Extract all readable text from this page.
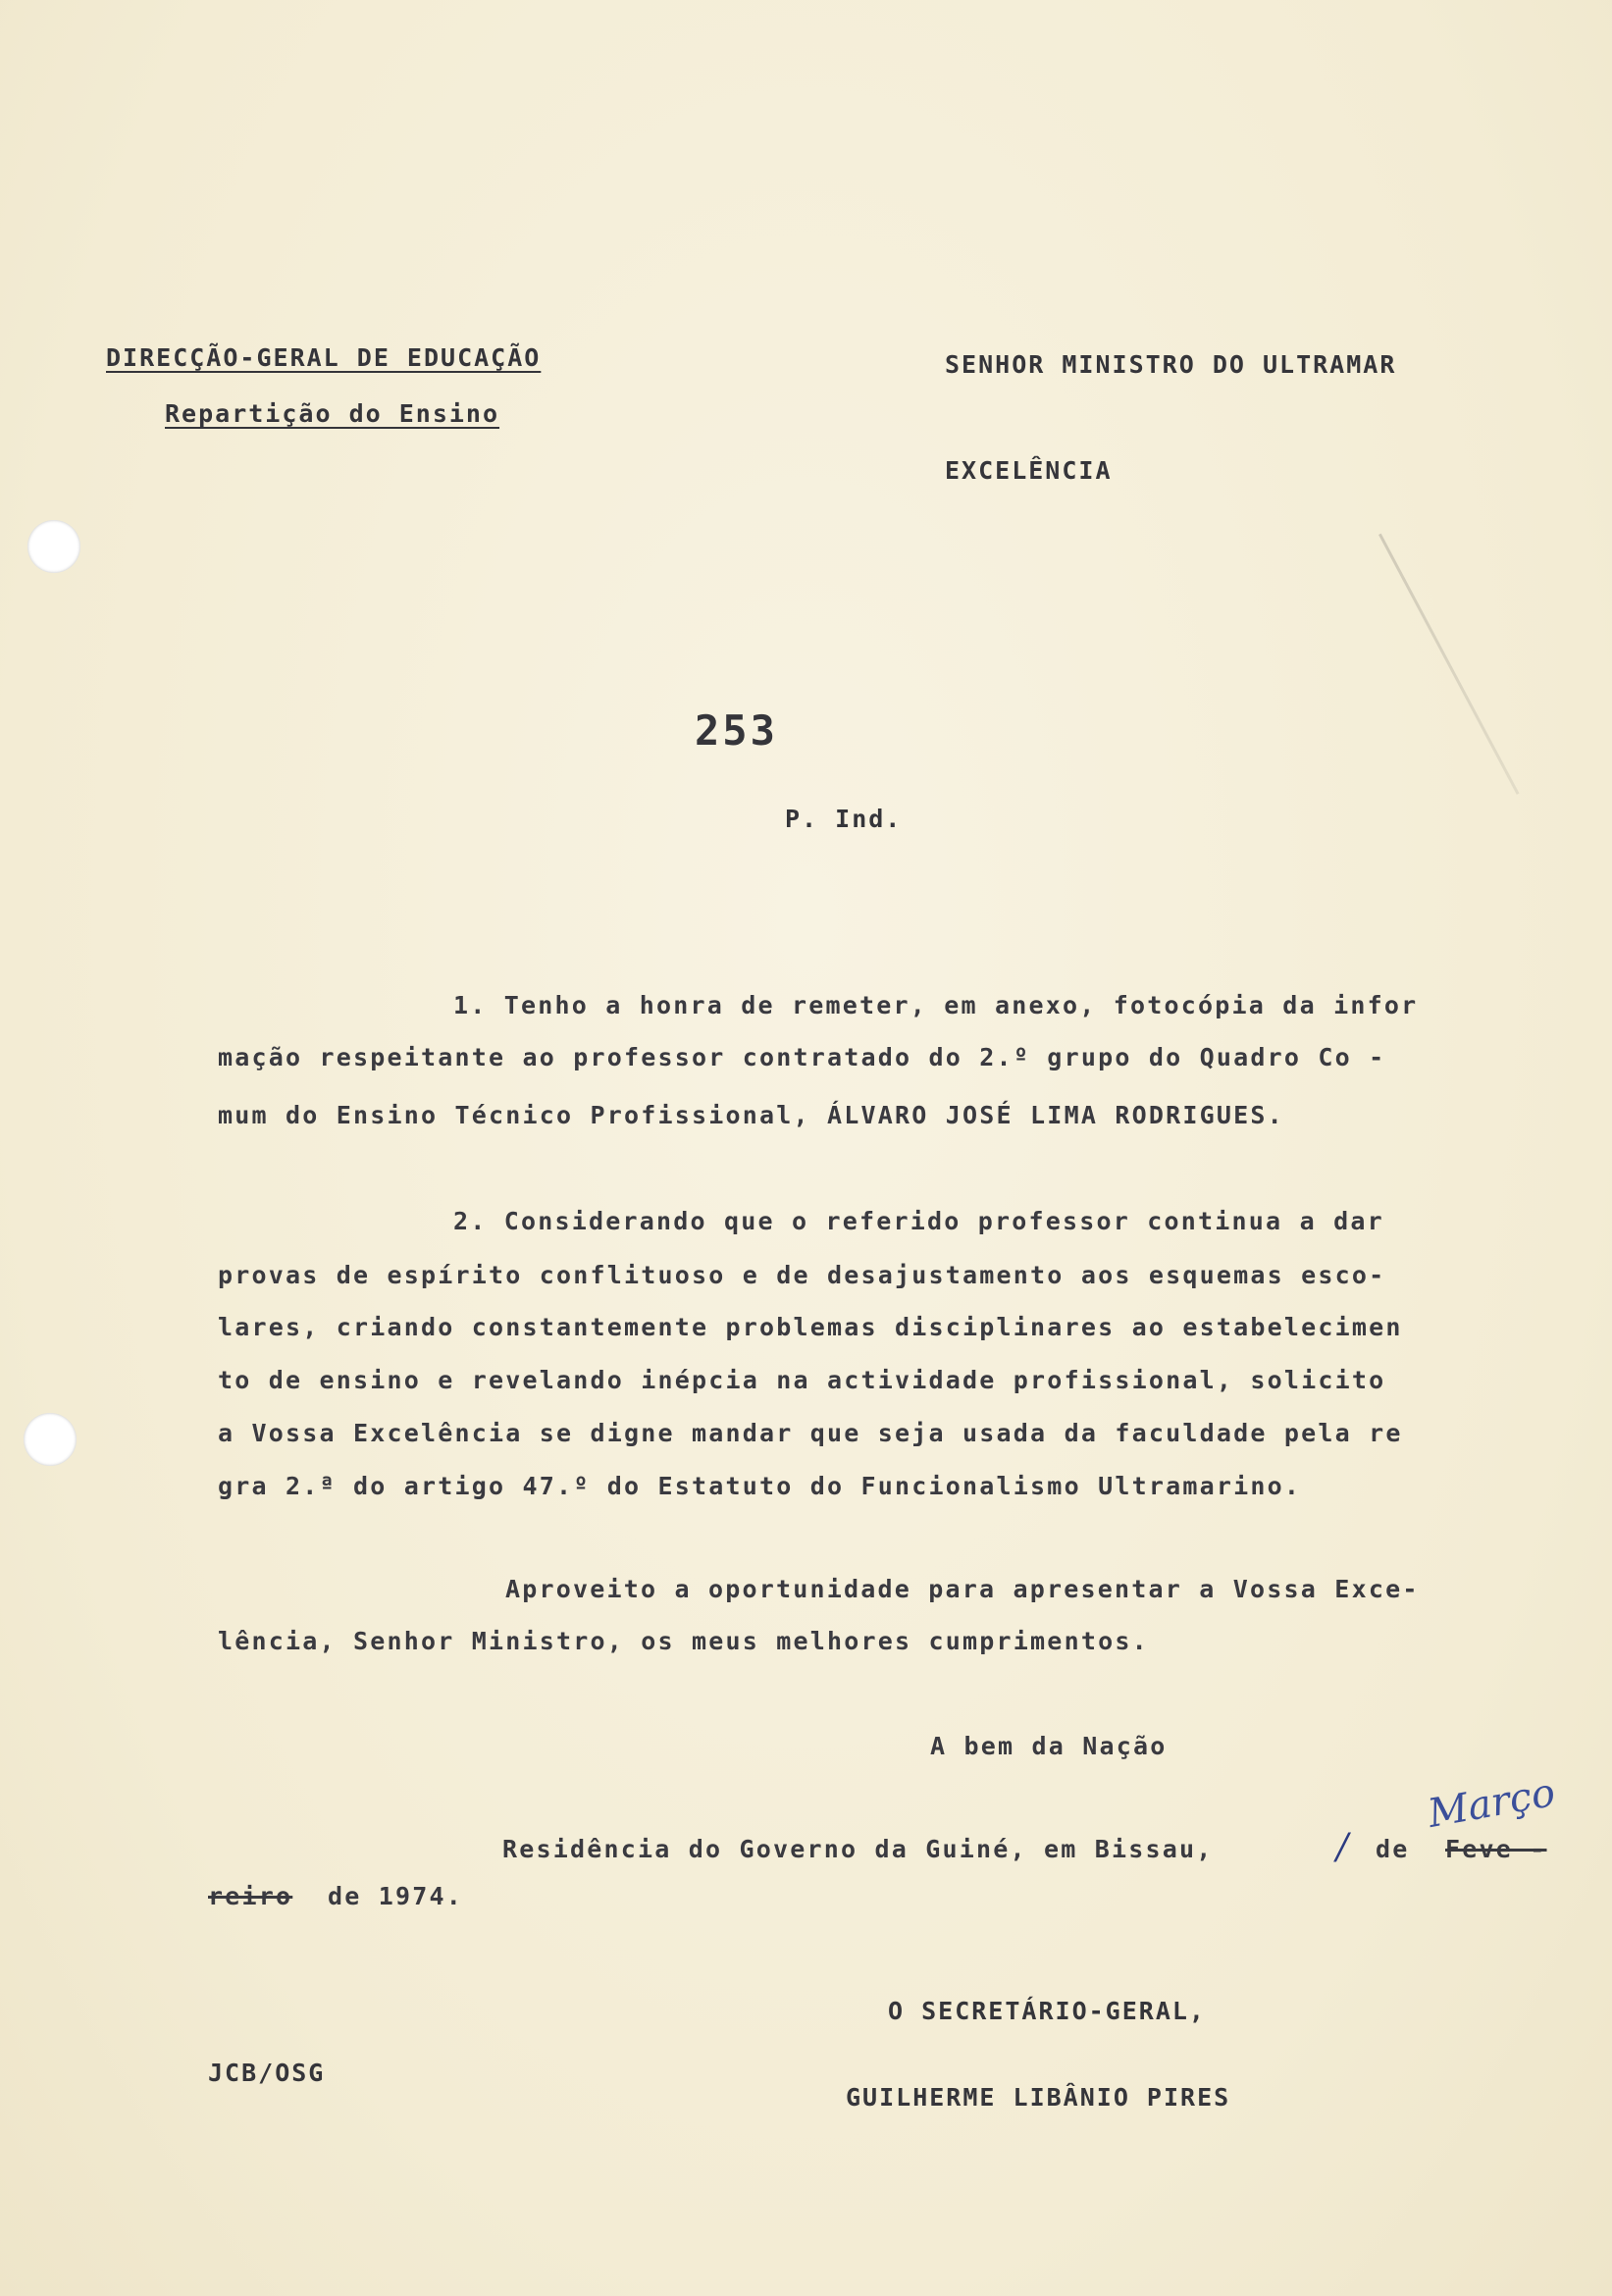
DIRECÇÃO-GERAL DE EDUCAÇÃO
Repartição do Ensino
SENHOR MINISTRO DO ULTRAMAR
EXCELÊNCIA
253
P. Ind.
1. Tenho a honra de remeter, em anexo, fotocópia da infor
mação respeitante ao professor contratado do 2.º grupo do Quadro Co -
mum do Ensino Técnico Profissional, ÁLVARO JOSÉ LIMA RODRIGUES.
2. Considerando que o referido professor continua a dar
provas de espírito conflituoso e de desajustamento aos esquemas esco-
lares, criando constantemente problemas disciplinares ao estabelecimen
to de ensino e revelando inépcia na actividade profissional, solicito
a Vossa Excelência se digne mandar que seja usada da faculdade pela re
gra 2.ª do artigo 47.º do Estatuto do Funcionalismo Ultramarino.
Aproveito a oportunidade para apresentar a Vossa Exce-
lência, Senhor Ministro, os meus melhores cumprimentos.
A bem da Nação
Residência do Governo da Guiné, em Bissau,	/ de Feve -
Março
reiro de 1974.
O SECRETÁRIO-GERAL,
GUILHERME LIBÂNIO PIRES
JCB/OSG
